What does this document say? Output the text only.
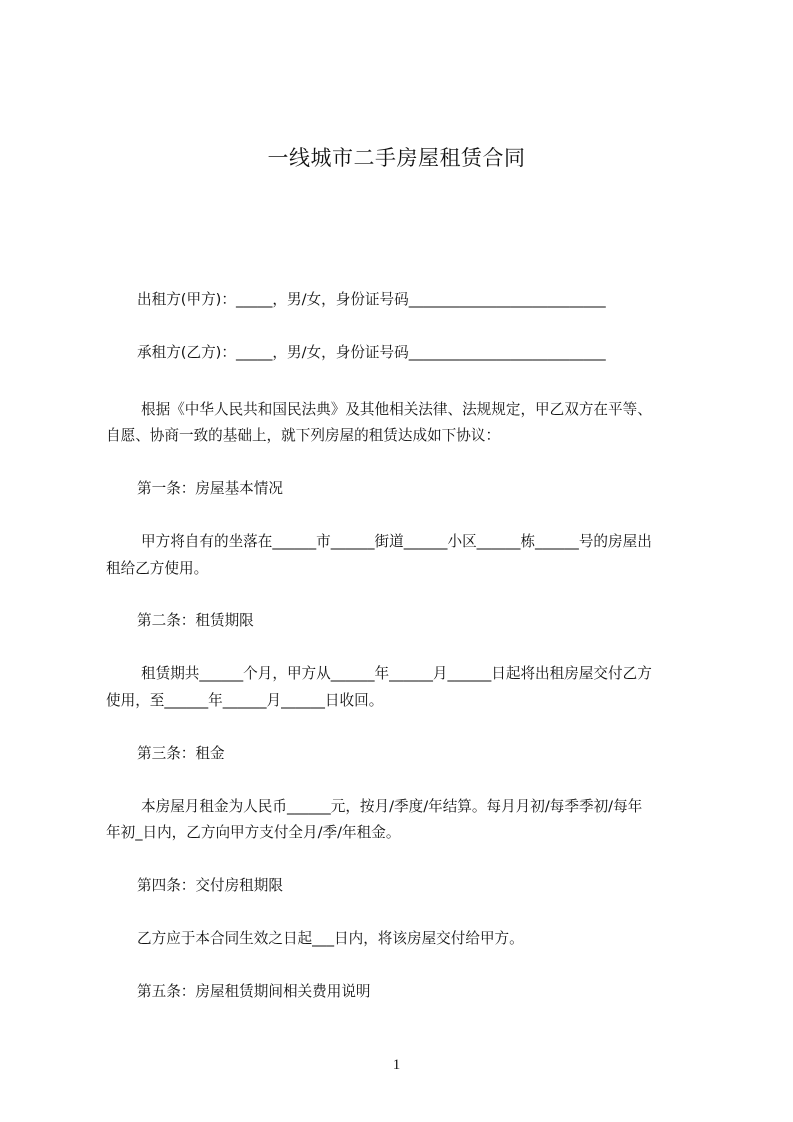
一线城市二手房屋租赁合同
出租方(甲方)：_____，男/女，身份证号码___________________________
承租方(乙方)：_____，男/女，身份证号码___________________________
根据《中华人民共和国民法典》及其他相关法律、法规规定，甲乙双方在平等、
自愿、协商一致的基础上，就下列房屋的租赁达成如下协议：
第一条：房屋基本情况
甲方将自有的坐落在______市______街道______小区______栋______号的房屋出
租给乙方使用。
第二条：租赁期限
租赁期共______个月，甲方从______年______月______日起将出租房屋交付乙方
使用，至______年______月______日收回。
第三条：租金
本房屋月租金为人民币______元，按月/季度/年结算。每月月初/每季季初/每年
年初_日内，乙方向甲方支付全月/季/年租金。
第四条：交付房租期限
乙方应于本合同生效之日起___日内，将该房屋交付给甲方。
第五条：房屋租赁期间相关费用说明
1
